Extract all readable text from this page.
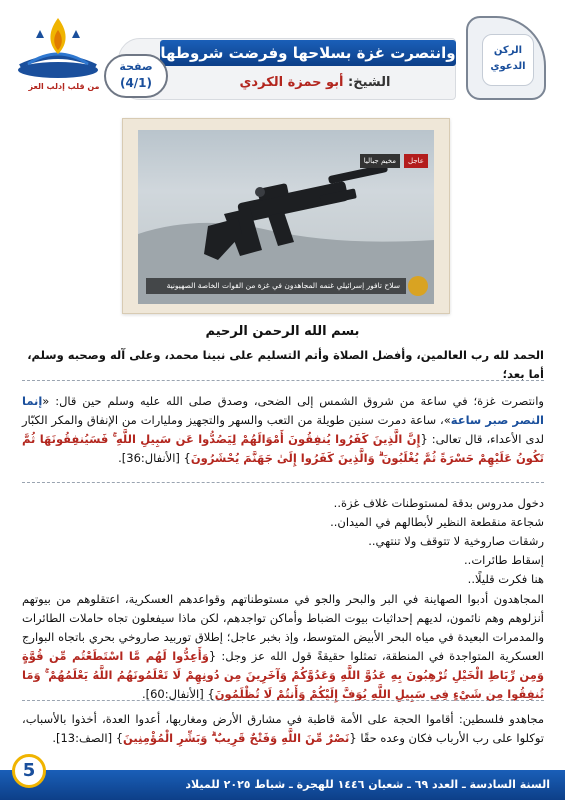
من قلب إدلب العز
وانتصرت غزة بسلاحها وفرضت شروطها
الشيخ: أبو حمزة الكردي
صفحة
(4/1)
الركن
الدعوي
عاجل
مخيم جباليا
سلاح تافور إسرائيلي غنمه المجاهدون في غزة من القوات الخاصة الصهيونية
بسم الله الرحمن الرحيم
الحمد لله رب العالمين، وأفضل الصلاة وأتم التسليم على نبينا محمد، وعلى آله وصحبه وسلم، أما بعد؛
وانتصرت غزة؛ في ساعة من شروق الشمس إلى الضحى، وصدق صلى الله عليه وسلم حين قال: «إنما النصر صبر ساعة»، ساعة دمرت سنين طويلة من التعب والسهر والتجهيز ومليارات من الإنفاق والمكر الكبّار لدى الأعداء، قال تعالى: {إِنَّ الَّذِينَ كَفَرُوا يُنفِقُونَ أَمْوَالَهُمْ لِيَصُدُّوا عَن سَبِيلِ اللَّهِ ۚ فَسَيُنفِقُونَهَا ثُمَّ تَكُونُ عَلَيْهِمْ حَسْرَةً ثُمَّ يُغْلَبُونَ ۗ وَالَّذِينَ كَفَرُوا إِلَىٰ جَهَنَّمَ يُحْشَرُونَ} [الأنفال:36].
دخول مدروس بدقة لمستوطنات غلاف غزة..
شجاعة منقطعة النظير لأبطالهم في الميدان..
رشقات صاروخية لا تتوقف ولا تنتهي..
إسقاط طائرات..
هنا فكرت قليلًا..
المجاهدون أدبوا الصهاينة في البر والبحر والجو في مستوطناتهم وقواعدهم العسكرية، اعتقلوهم من بيوتهم أنزلوهم وهم نائمون، لديهم إحداثيات بيوت الضباط وأماكن تواجدهم، لكن ماذا سيفعلون تجاه حاملات الطائرات والمدمرات البعيدة في مياه البحر الأبيض المتوسط، وإذ بخبر عاجل؛ إطلاق توربيد صاروخي بحري باتجاه البوارج العسكرية المتواجدة في المنطقة، تمثلوا حقيقةً قول الله عز وجل: {وَأَعِدُّوا لَهُم مَّا اسْتَطَعْتُم مِّن قُوَّةٍ وَمِن رِّبَاطِ الْخَيْلِ تُرْهِبُونَ بِهِ عَدُوَّ اللَّهِ وَعَدُوَّكُمْ وَآخَرِينَ مِن دُونِهِمْ لَا تَعْلَمُونَهُمُ اللَّهُ يَعْلَمُهُمْ ۚ وَمَا تُنفِقُوا مِن شَيْءٍ فِي سَبِيلِ اللَّهِ يُوَفَّ إِلَيْكُمْ وَأَنتُمْ لَا تُظْلَمُونَ} [الأنفال:60].
مجاهدو فلسطين: أقاموا الحجة على الأمة قاطبة في مشارق الأرض ومغاربها، أعدوا العدة، أخذوا بالأسباب، توكلوا على رب الأرباب فكان وعده حقًا {نَصْرٌ مِّنَ اللَّهِ وَفَتْحٌ قَرِيبٌ ۗ وَبَشِّرِ الْمُؤْمِنِينَ} [الصف:13].
السنة السادسة ـ العدد ٦٩ ـ شعبان ١٤٤٦ للهجرة ـ شباط ٢٠٢٥ للميلاد
5
